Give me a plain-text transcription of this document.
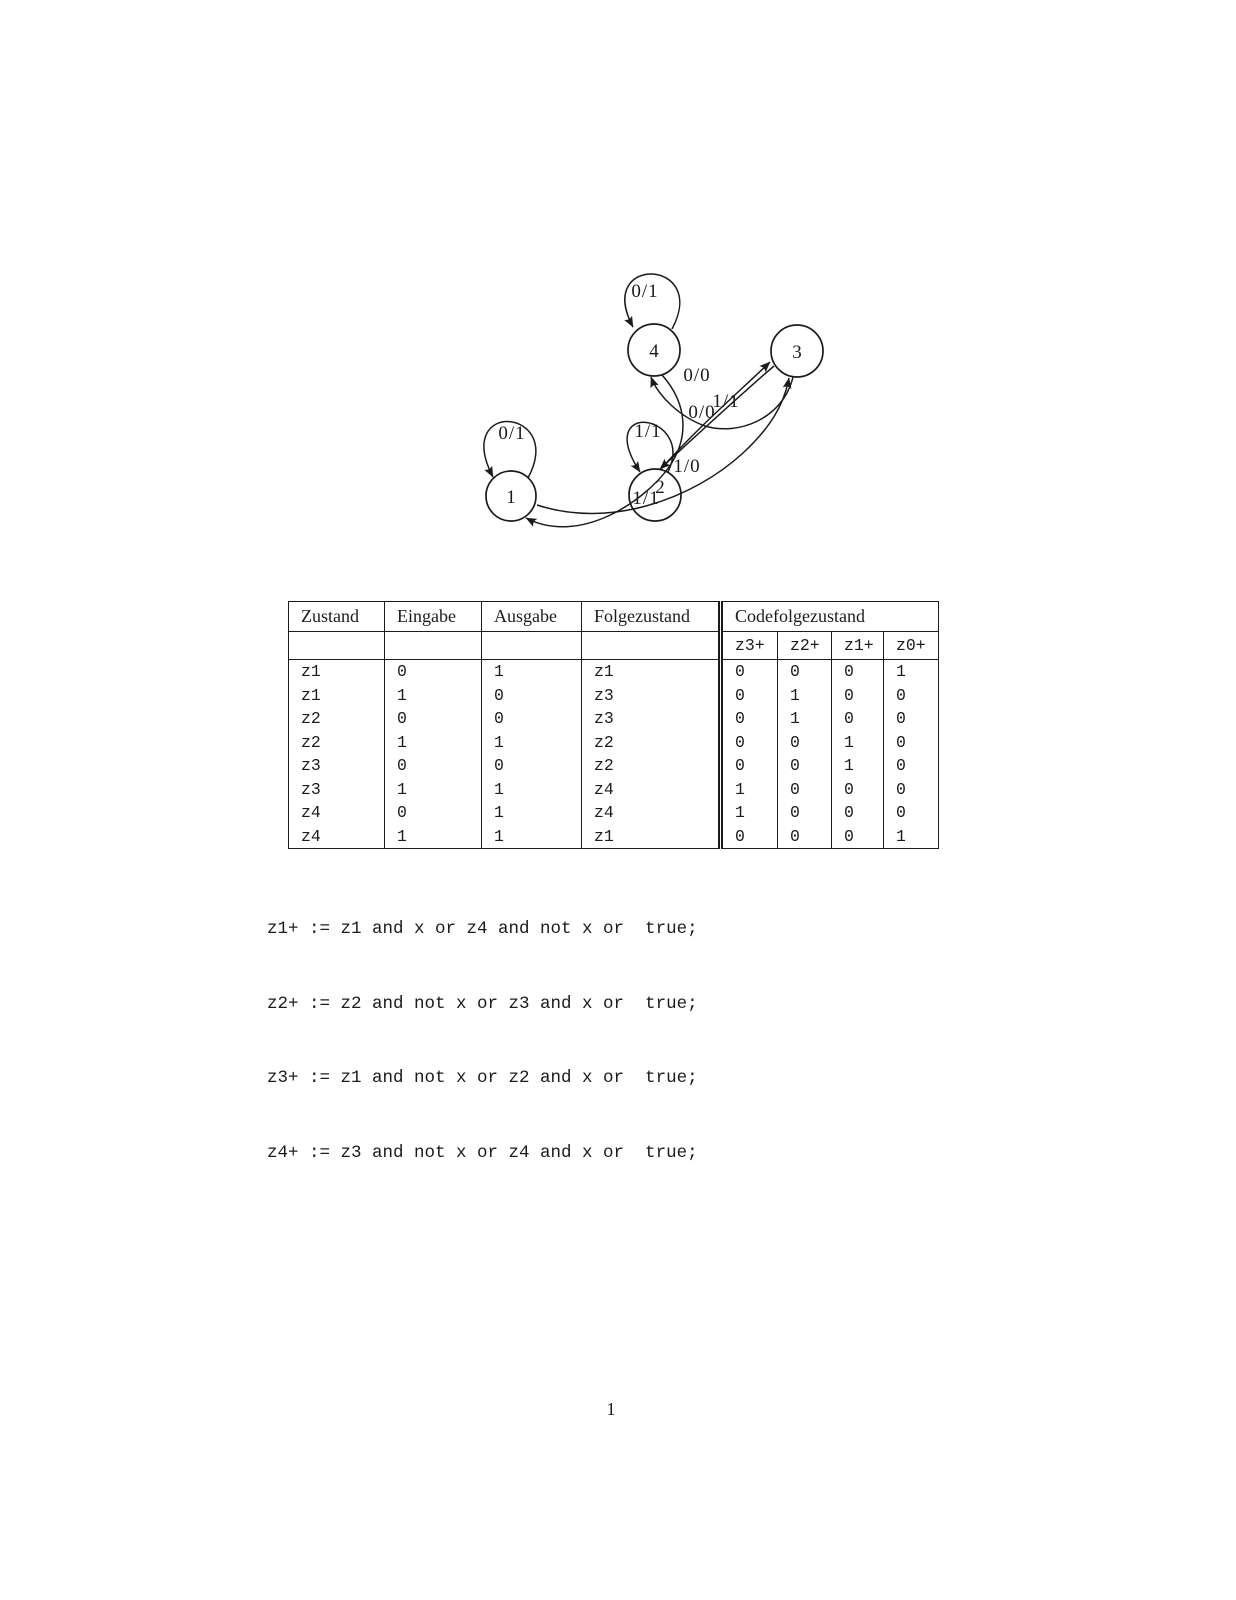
1	2
3
4
0/1	1/1
0/1
0/0
1/1
0/0
1/0
1/1
Zustand	Eingabe	Ausgabe	Folgezustand	Codefolgezustand			
				z3+	z2+	z1+	z0+
z1	0	1	z1	0	0	0	1
z1	1	0	z3	0	1	0	0
z2	0	0	z3	0	1	0	0
z2	1	1	z2	0	0	1	0
z3	0	0	z2	0	0	1	0
z3	1	1	z4	1	0	0	0
z4	0	1	z4	1	0	0	0
z4	1	1	z1	0	0	0	1

z1+ := z1 and x or z4 and not x or  true;

z2+ := z2 and not x or z3 and x or  true;

z3+ := z1 and not x or z2 and x or  true;

z4+ := z3 and not x or z4 and x or  true;

1
